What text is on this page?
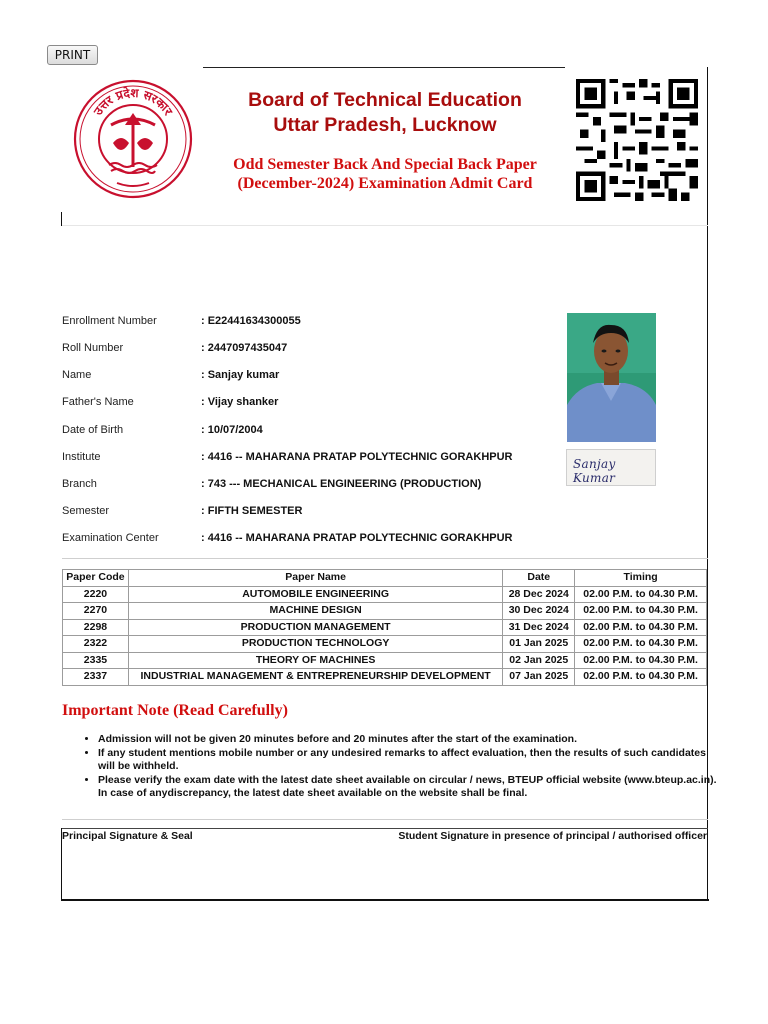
PRINT
उत्तर प्रदेश सरकार
Board of Technical Education
Uttar Pradesh, Lucknow
Odd Semester Back And Special Back Paper
(December-2024) Examination Admit Card
Enrollment Number	: E22441634300055
Roll Number	: 2447097435047
Name	: Sanjay kumar
Father's Name	: Vijay shanker
Date of Birth	: 10/07/2004
Institute	: 4416 -- MAHARANA PRATAP POLYTECHNIC GORAKHPUR
Branch	: 743 --- MECHANICAL ENGINEERING (PRODUCTION)
Semester	: FIFTH SEMESTER
Examination Center	: 4416 -- MAHARANA PRATAP POLYTECHNIC GORAKHPUR
Sanjay Kumar
Paper Code	Paper Name	Date	Timing
2220	AUTOMOBILE ENGINEERING	28 Dec 2024	02.00 P.M. to 04.30 P.M.
2270	MACHINE DESIGN	30 Dec 2024	02.00 P.M. to 04.30 P.M.
2298	PRODUCTION MANAGEMENT	31 Dec 2024	02.00 P.M. to 04.30 P.M.
2322	PRODUCTION TECHNOLOGY	01 Jan 2025	02.00 P.M. to 04.30 P.M.
2335	THEORY OF MACHINES	02 Jan 2025	02.00 P.M. to 04.30 P.M.
2337	INDUSTRIAL MANAGEMENT & ENTREPRENEURSHIP DEVELOPMENT	07 Jan 2025	02.00 P.M. to 04.30 P.M.
Important Note (Read Carefully)
• Admission will not be given 20 minutes before and 20 minutes after the start of the examination.
• If any student mentions mobile number or any undesired remarks to affect evaluation, then the results of such candidates will be withheld.
• Please verify the exam date with the latest date sheet available on circular / news, BTEUP official website (www.bteup.ac.in). In case of anydiscrepancy, the latest date sheet available on the website shall be final.
Principal Signature & Seal	Student Signature in presence of principal / authorised officer
